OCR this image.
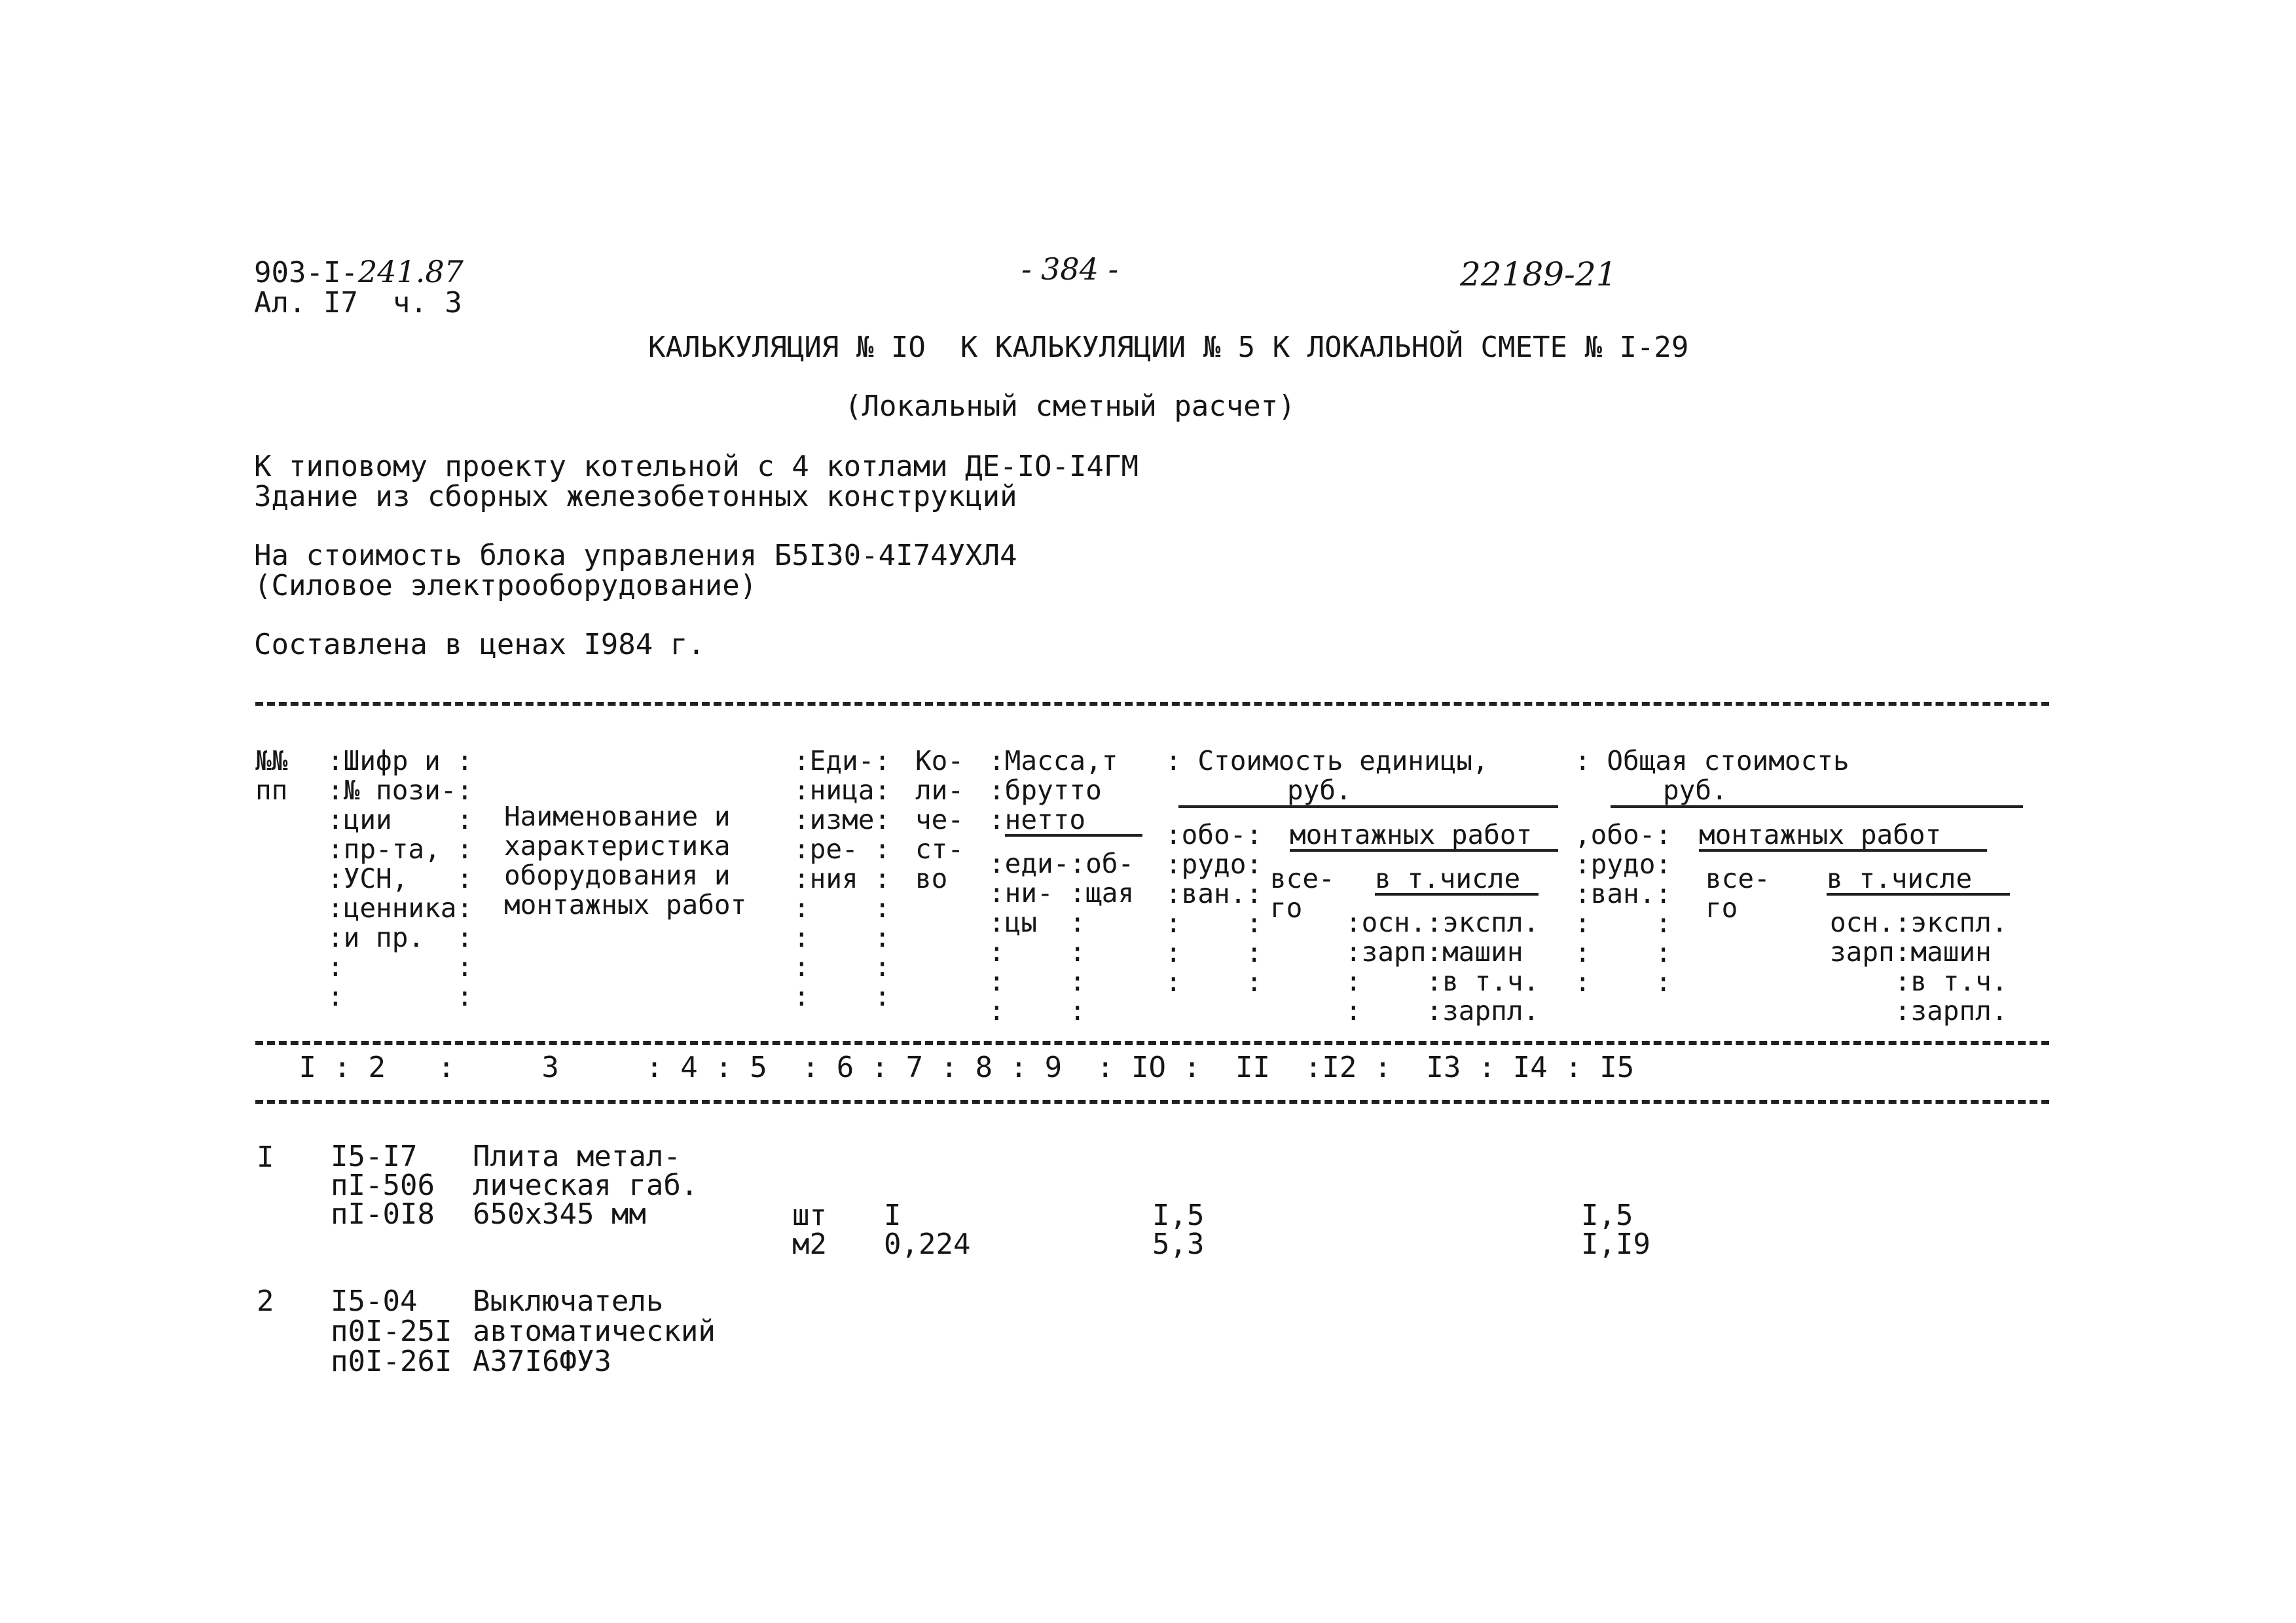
903-I-241.87
Ал. I7  ч. 3
- 384 -	22189-21
КАЛЬКУЛЯЦИЯ № IO  К КАЛЬКУЛЯЦИИ № 5 К ЛОКАЛЬНОЙ СМЕТЕ № I-29
(Локальный сметный расчет)
К типовому проекту котельной с 4 котлами ДЕ-IO-I4ГМ
Здание из сборных железобетонных конструкций
На стоимость блока управления Б5I30-4I74УХЛ4
(Силовое электрооборудование)
Составлена в ценах I984 г.
№№
пп
:Шифр и :
:№ пози-:
:ции    :
:пр-та, :
:УСН,   :
:ценника:
:и пр.  :
:       :
:       :
Наименование и
характеристика
оборудования и
монтажных работ
:Еди-:
:ница:
:изме:
:ре- :
:ния :
:    :
:    :
:    :
:    :
Ко-
ли-
че-
ст-
во
:Масса,т
:брутто
:нетто
:еди-:об-
:ни- :щая
:цы  :
:    :
:    :
:    :
: Стоимость единицы,
руб.
:обо-:
:рудо:
:ван.:
:    :
:    :
:    :
монтажных работ
все-
го
в т.числе
:осн.:экспл.
:зарп:машин
:    :в т.ч.
:    :зарпл.
: Общая стоимость
руб.
,обо-:
:рудо:
:ван.:
:    :
:    :
:    :
монтажных работ
все-
го
в т.числе
осн.:экспл.
зарп:машин
:в т.ч.
:зарпл.
I : 2   :     3     : 4 : 5  : 6 : 7 : 8 : 9  : IO :  II  :I2 :  I3 : I4 : I5
I I5-I7
пI-506
пI-0I8
Плита метал-
лическая габ.
650х345 мм	шт
м2
I
0,224
I,5
5,3
I,5
I,I9
2 I5-04
п0I-25I
п0I-26I
Выключатель
автоматический
АЗ7I6ФУЗ
